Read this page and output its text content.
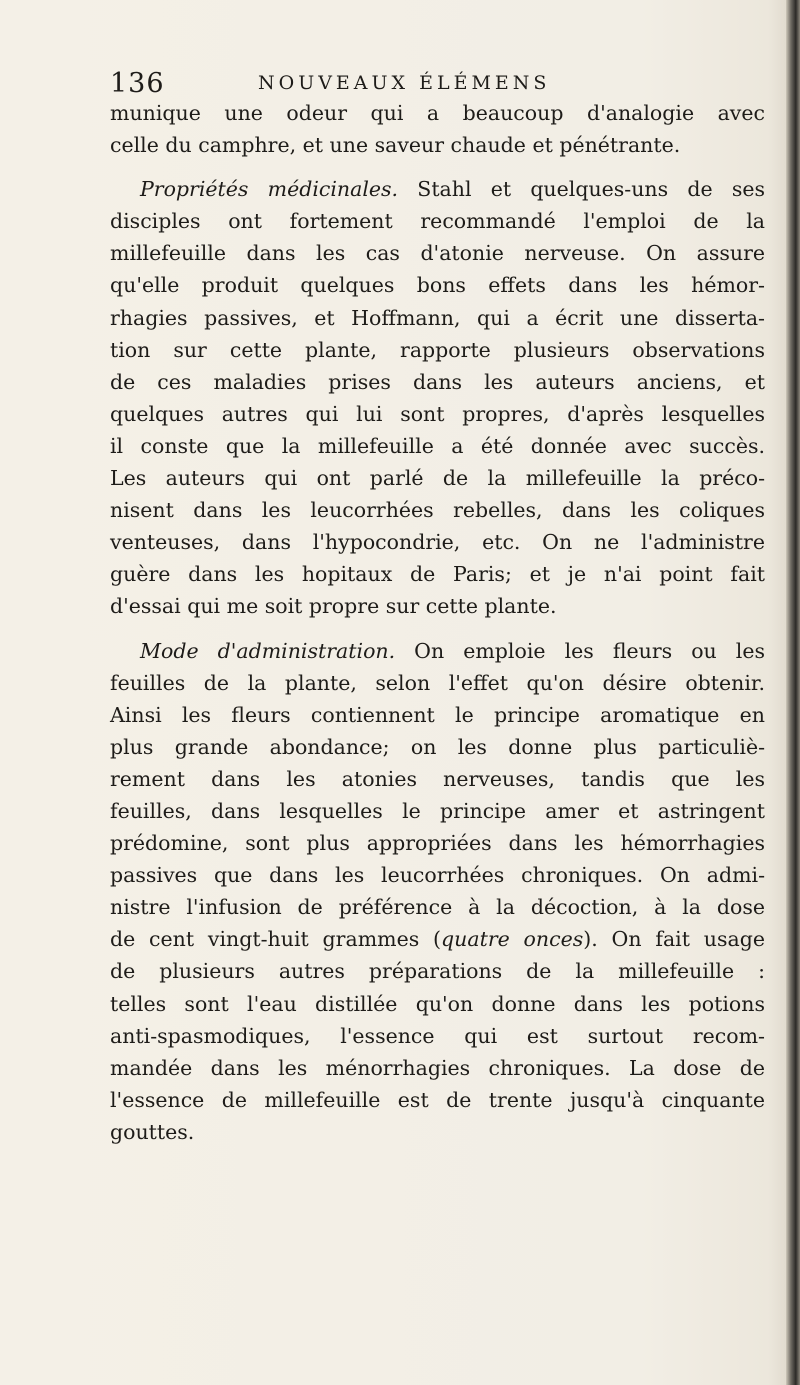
136	NOUVEAUX ÉLÉMENS
munique une odeur qui a beaucoup d'analogie avec
celle du camphre, et une saveur chaude et pénétrante.
Propriétés médicinales. Stahl et quelques-uns de ses
disciples ont fortement recommandé l'emploi de la
millefeuille dans les cas d'atonie nerveuse. On assure
qu'elle produit quelques bons effets dans les hémor-
rhagies passives, et Hoffmann, qui a écrit une disserta-
tion sur cette plante, rapporte plusieurs observations
de ces maladies prises dans les auteurs anciens, et
quelques autres qui lui sont propres, d'après lesquelles
il conste que la millefeuille a été donnée avec succès.
Les auteurs qui ont parlé de la millefeuille la préco-
nisent dans les leucorrhées rebelles, dans les coliques
venteuses, dans l'hypocondrie, etc. On ne l'administre
guère dans les hopitaux de Paris; et je n'ai point fait
d'essai qui me soit propre sur cette plante.
Mode d'administration. On emploie les fleurs ou les
feuilles de la plante, selon l'effet qu'on désire obtenir.
Ainsi les fleurs contiennent le principe aromatique en
plus grande abondance; on les donne plus particuliè-
rement dans les atonies nerveuses, tandis que les
feuilles, dans lesquelles le principe amer et astringent
prédomine, sont plus appropriées dans les hémorrhagies
passives que dans les leucorrhées chroniques. On admi-
nistre l'infusion de préférence à la décoction, à la dose
de cent vingt-huit grammes (quatre onces). On fait usage
de plusieurs autres préparations de la millefeuille :
telles sont l'eau distillée qu'on donne dans les potions
anti-spasmodiques, l'essence qui est surtout recom-
mandée dans les ménorrhagies chroniques. La dose de
l'essence de millefeuille est de trente jusqu'à cinquante
gouttes.
